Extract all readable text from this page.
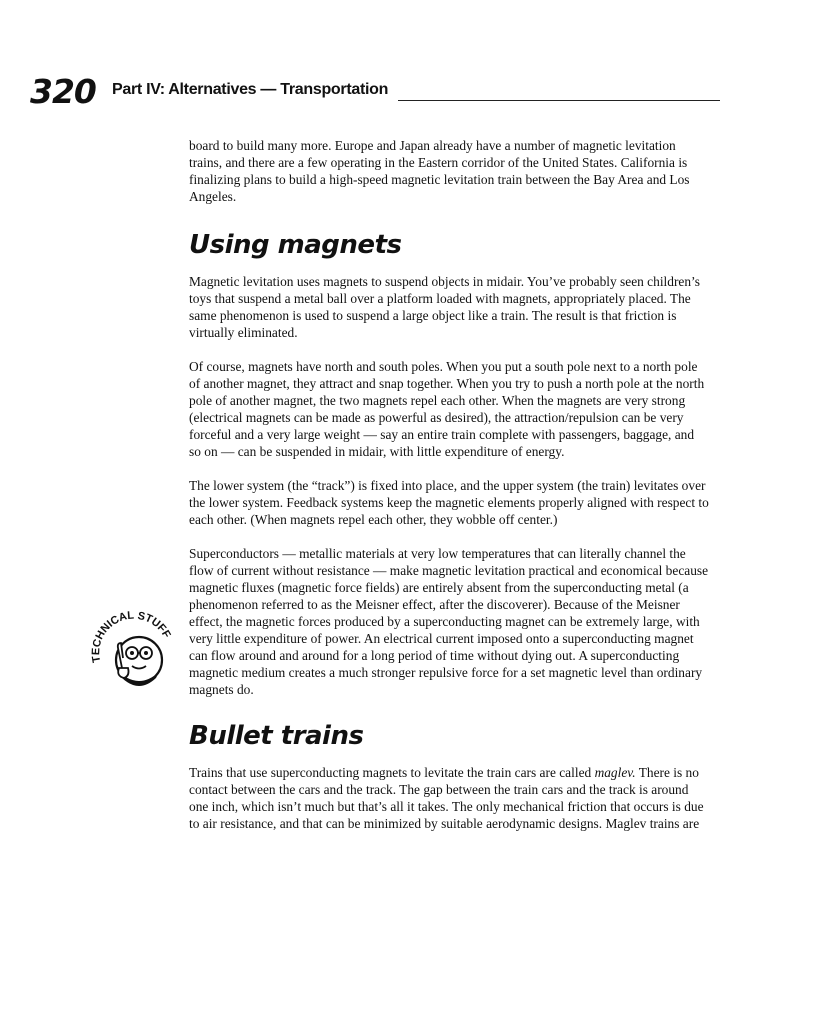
320 Part IV: Alternatives — Transportation
TECHNICAL STUFF

board to build many more. Europe and Japan already have a number of magnetic levitation trains, and there are a few operating in the Eastern corridor of the United States. California is finalizing plans to build a high-speed magnetic levitation train between the Bay Area and Los Angeles.

Using magnets

Magnetic levitation uses magnets to suspend objects in midair. You’ve probably seen children’s toys that suspend a metal ball over a platform loaded with magnets, appropriately placed. The same phenomenon is used to suspend a large object like a train. The result is that friction is virtually eliminated.

Of course, magnets have north and south poles. When you put a south pole next to a north pole of another magnet, they attract and snap together. When you try to push a north pole at the north pole of another magnet, the two magnets repel each other. When the magnets are very strong (electrical magnets can be made as powerful as desired), the attraction/repulsion can be very forceful and a very large weight — say an entire train complete with passengers, baggage, and so on — can be suspended in midair, with little expenditure of energy.

The lower system (the “track”) is fixed into place, and the upper system (the train) levitates over the lower system. Feedback systems keep the magnetic elements properly aligned with respect to each other. (When magnets repel each other, they wobble off center.)

Superconductors — metallic materials at very low temperatures that can literally channel the flow of current without resistance — make magnetic levitation practical and economical because magnetic fluxes (magnetic force fields) are entirely absent from the superconducting metal (a phenomenon referred to as the Meisner effect, after the discoverer). Because of the Meisner effect, the magnetic forces produced by a superconducting magnet can be extremely large, with very little expenditure of power. An electrical current imposed onto a superconducting magnet can flow around and around for a long period of time without dying out. A superconducting magnetic medium creates a much stronger repulsive force for a set magnetic level than ordinary magnets do.

Bullet trains

Trains that use superconducting magnets to levitate the train cars are called maglev. There is no contact between the cars and the track. The gap between the train cars and the track is around one inch, which isn’t much but that’s all it takes. The only mechanical friction that occurs is due to air resistance, and that can be minimized by suitable aerodynamic designs. Maglev trains are
